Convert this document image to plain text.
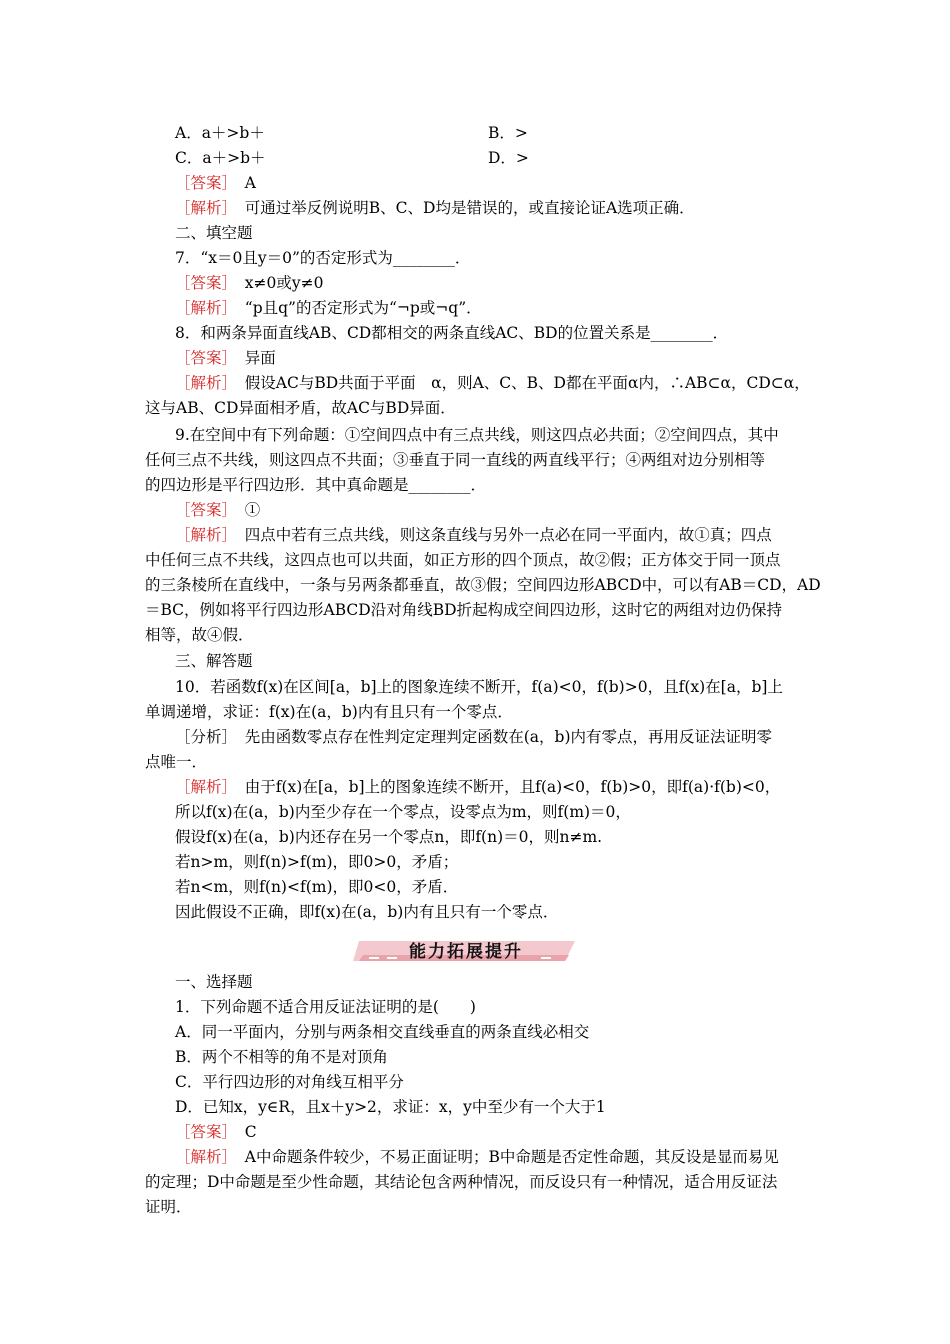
A．a＋>b＋	B．>
C．a＋>b＋	D．>
［答案］　A
［解析］　可通过举反例说明B、C、D均是错误的，或直接论证A选项正确．
二、填空题
7．“x＝0且y＝0”的否定形式为________．
［答案］　x≠0或y≠0
［解析］　“p且q”的否定形式为“¬p或¬q”．
8．和两条异面直线AB、CD都相交的两条直线AC、BD的位置关系是________．
［答案］　异面
［解析］　假设AC与BD共面于平面　α，则A、C、B、D都在平面α内，∴AB⊂α，CD⊂α，
这与AB、CD异面相矛盾，故AC与BD异面．
9.在空间中有下列命题：①空间四点中有三点共线，则这四点必共面；②空间四点，其中
任何三点不共线，则这四点不共面；③垂直于同一直线的两直线平行；④两组对边分别相等
的四边形是平行四边形．其中真命题是________．
［答案］　①
［解析］　四点中若有三点共线，则这条直线与另外一点必在同一平面内，故①真；四点
中任何三点不共线，这四点也可以共面，如正方形的四个顶点，故②假；正方体交于同一顶点
的三条棱所在直线中，一条与另两条都垂直，故③假；空间四边形ABCD中，可以有AB＝CD，AD
＝BC，例如将平行四边形ABCD沿对角线BD折起构成空间四边形，这时它的两组对边仍保持
相等，故④假．
三、解答题
10．若函数f(x)在区间[a，b]上的图象连续不断开，f(a)<0，f(b)>0，且f(x)在[a，b]上
单调递增，求证：f(x)在(a，b)内有且只有一个零点．
［分析］　先由函数零点存在性判定定理判定函数在(a，b)内有零点，再用反证法证明零
点唯一．
［解析］　由于f(x)在[a，b]上的图象连续不断开，且f(a)<0，f(b)>0，即f(a)·f(b)<0，
所以f(x)在(a，b)内至少存在一个零点，设零点为m，则f(m)＝0，
假设f(x)在(a，b)内还存在另一个零点n，即f(n)＝0，则n≠m.
若n>m，则f(n)>f(m)，即0>0，矛盾；
若n<m，则f(n)<f(m)，即0<0，矛盾．
因此假设不正确，即f(x)在(a，b)内有且只有一个零点．
一、选择题
1．下列命题不适合用反证法证明的是(　　)
A．同一平面内，分别与两条相交直线垂直的两条直线必相交
B．两个不相等的角不是对顶角
C．平行四边形的对角线互相平分
D．已知x，y∈R，且x＋y>2，求证：x，y中至少有一个大于1
［答案］　C
［解析］　A中命题条件较少，不易正面证明；B中命题是否定性命题，其反设是显而易见
的定理；D中命题是至少性命题，其结论包含两种情况，而反设只有一种情况，适合用反证法
证明．
能力拓展提升
